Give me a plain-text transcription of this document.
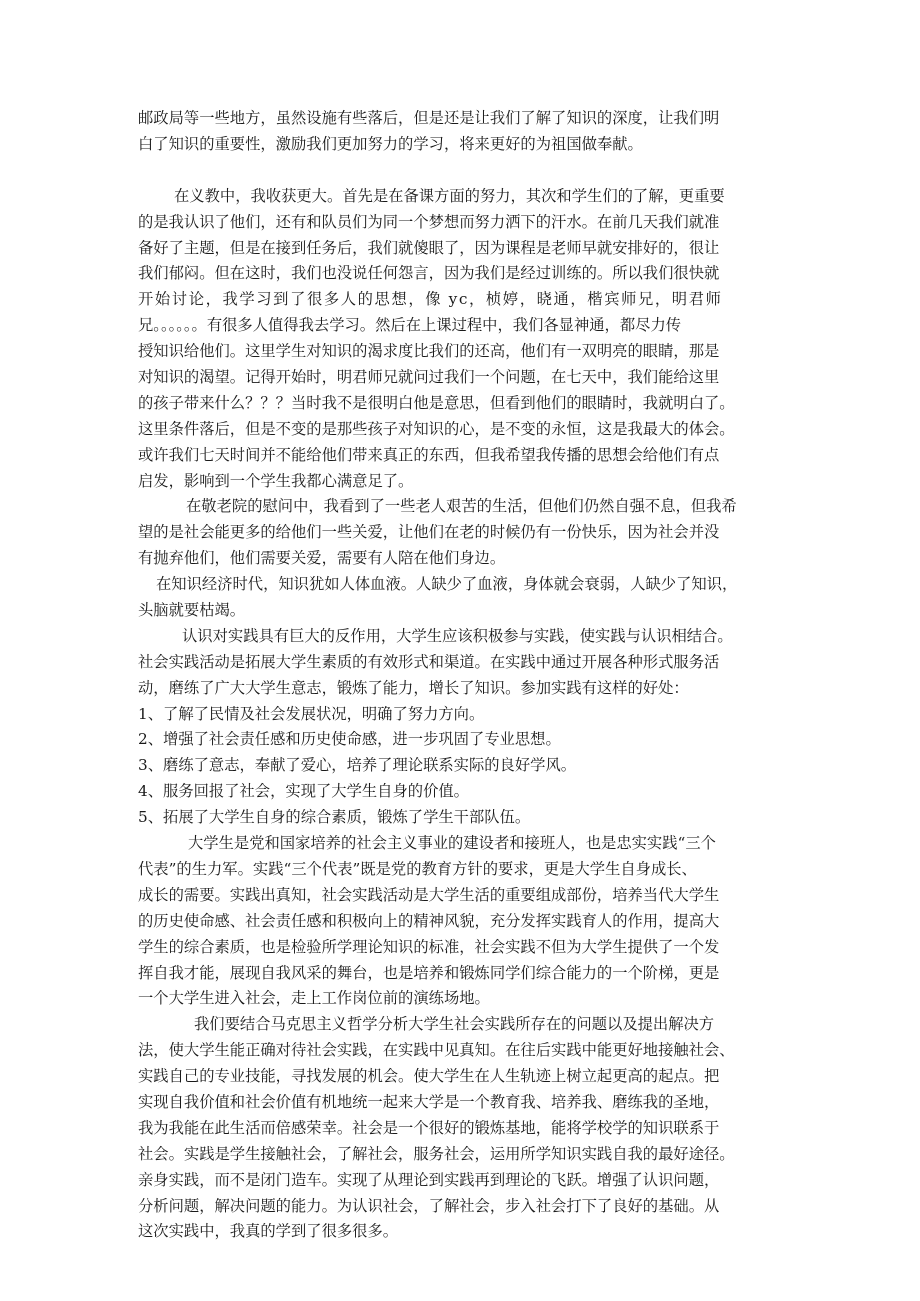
邮政局等一些地方，虽然设施有些落后，但是还是让我们了解了知识的深度，让我们明
白了知识的重要性，激励我们更加努力的学习，将来更好的为祖国做奉献。
在义教中，我收获更大。首先是在备课方面的努力，其次和学生们的了解，更重要
的是我认识了他们，还有和队员们为同一个梦想而努力洒下的汗水。在前几天我们就准
备好了主题，但是在接到任务后，我们就傻眼了，因为课程是老师早就安排好的，很让
我们郁闷。但在这时，我们也没说任何怨言，因为我们是经过训练的。所以我们很快就
开始讨论，我学习到了很多人的思想，像 yc，桢婷，晓通，楷宾师兄，明君师
兄。。。。。。有很多人值得我去学习。然后在上课过程中，我们各显神通，都尽力传
授知识给他们。这里学生对知识的渴求度比我们的还高，他们有一双明亮的眼睛，那是
对知识的渴望。记得开始时，明君师兄就问过我们一个问题，在七天中，我们能给这里
的孩子带来什么？？？当时我不是很明白他是意思，但看到他们的眼睛时，我就明白了。
这里条件落后，但是不变的是那些孩子对知识的心，是不变的永恒，这是我最大的体会。
或许我们七天时间并不能给他们带来真正的东西，但我希望我传播的思想会给他们有点
启发，影响到一个学生我都心满意足了。
在敬老院的慰问中，我看到了一些老人艰苦的生活，但他们仍然自强不息，但我希
望的是社会能更多的给他们一些关爱，让他们在老的时候仍有一份快乐，因为社会并没
有抛弃他们，他们需要关爱，需要有人陪在他们身边。
在知识经济时代，知识犹如人体血液。人缺少了血液，身体就会衰弱，人缺少了知识，
头脑就要枯竭。
认识对实践具有巨大的反作用，大学生应该积极参与实践，使实践与认识相结合。
社会实践活动是拓展大学生素质的有效形式和渠道。在实践中通过开展各种形式服务活
动，磨练了广大大学生意志，锻炼了能力，增长了知识。参加实践有这样的好处：
1、了解了民情及社会发展状况，明确了努力方向。
2、增强了社会责任感和历史使命感，进一步巩固了专业思想。
3、磨练了意志，奉献了爱心，培养了理论联系实际的良好学风。
4、服务回报了社会，实现了大学生自身的价值。
5、拓展了大学生自身的综合素质，锻炼了学生干部队伍。
大学生是党和国家培养的社会主义事业的建设者和接班人，也是忠实实践“三个
代表”的生力军。实践“三个代表”既是党的教育方针的要求，更是大学生自身成长、
成长的需要。实践出真知，社会实践活动是大学生活的重要组成部份，培养当代大学生
的历史使命感、社会责任感和积极向上的精神风貌，充分发挥实践育人的作用，提高大
学生的综合素质，也是检验所学理论知识的标准，社会实践不但为大学生提供了一个发
挥自我才能，展现自我风采的舞台，也是培养和锻炼同学们综合能力的一个阶梯，更是
一个大学生进入社会，走上工作岗位前的演练场地。
我们要结合马克思主义哲学分析大学生社会实践所存在的问题以及提出解决方
法，使大学生能正确对待社会实践，在实践中见真知。在往后实践中能更好地接触社会、
实践自己的专业技能，寻找发展的机会。使大学生在人生轨迹上树立起更高的起点。把
实现自我价值和社会价值有机地统一起来大学是一个教育我、培养我、磨练我的圣地，
我为我能在此生活而倍感荣幸。社会是一个很好的锻炼基地，能将学校学的知识联系于
社会。实践是学生接触社会，了解社会，服务社会，运用所学知识实践自我的最好途径。
亲身实践，而不是闭门造车。实现了从理论到实践再到理论的飞跃。增强了认识问题，
分析问题，解决问题的能力。为认识社会，了解社会，步入社会打下了良好的基础。从
这次实践中，我真的学到了很多很多。
